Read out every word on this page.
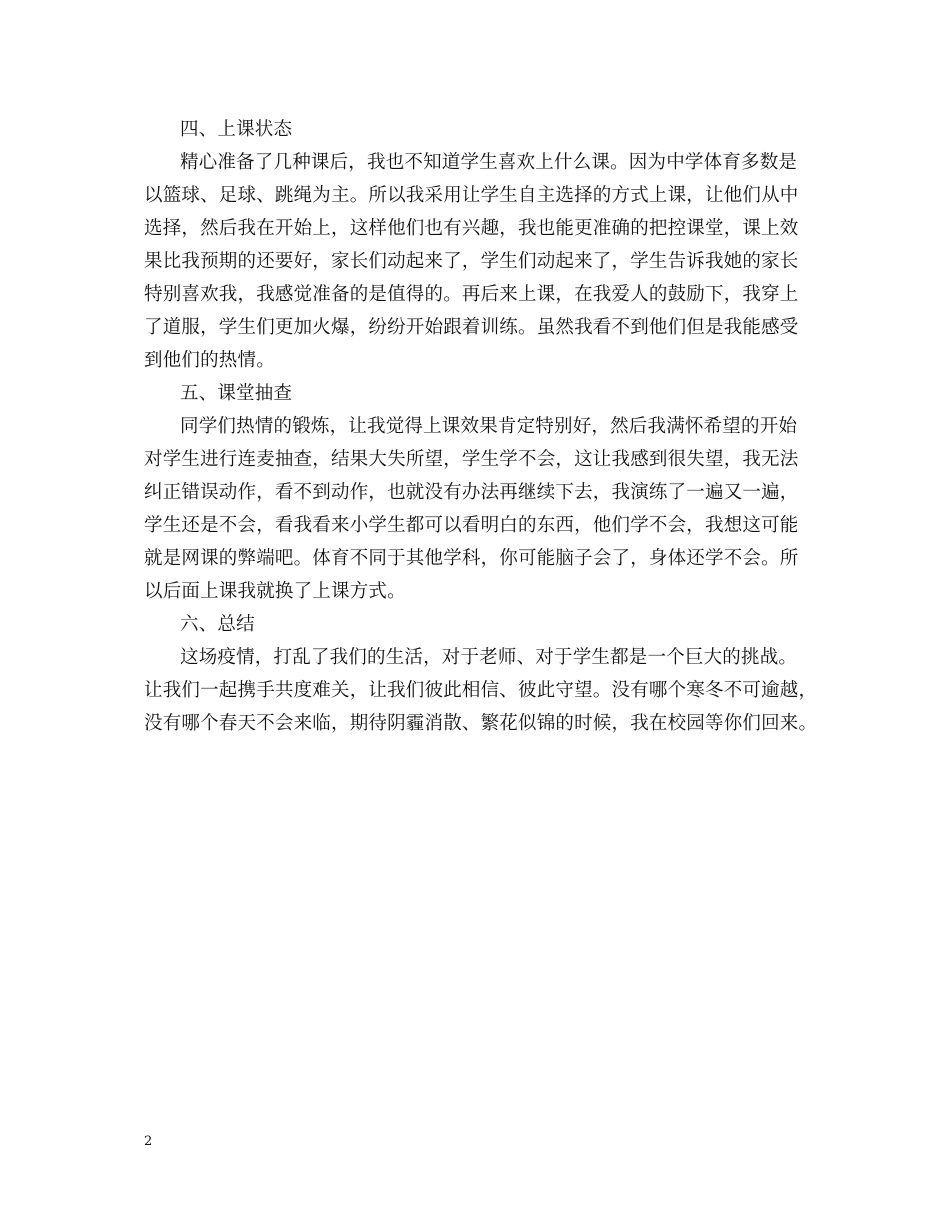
四、上课状态
精心准备了几种课后，我也不知道学生喜欢上什么课。因为中学体育多数是
以篮球、足球、跳绳为主。所以我采用让学生自主选择的方式上课，让他们从中
选择，然后我在开始上，这样他们也有兴趣，我也能更准确的把控课堂，课上效
果比我预期的还要好，家长们动起来了，学生们动起来了，学生告诉我她的家长
特别喜欢我，我感觉准备的是值得的。再后来上课，在我爱人的鼓励下，我穿上
了道服，学生们更加火爆，纷纷开始跟着训练。虽然我看不到他们但是我能感受
到他们的热情。
五、课堂抽查
同学们热情的锻炼，让我觉得上课效果肯定特别好，然后我满怀希望的开始
对学生进行连麦抽查，结果大失所望，学生学不会，这让我感到很失望，我无法
纠正错误动作，看不到动作，也就没有办法再继续下去，我演练了一遍又一遍，
学生还是不会，看我看来小学生都可以看明白的东西，他们学不会，我想这可能
就是网课的弊端吧。体育不同于其他学科，你可能脑子会了，身体还学不会。所
以后面上课我就换了上课方式。
六、总结
这场疫情，打乱了我们的生活，对于老师、对于学生都是一个巨大的挑战。
让我们一起携手共度难关，让我们彼此相信、彼此守望。没有哪个寒冬不可逾越，
没有哪个春天不会来临，期待阴霾消散、繁花似锦的时候，我在校园等你们回来。
2
